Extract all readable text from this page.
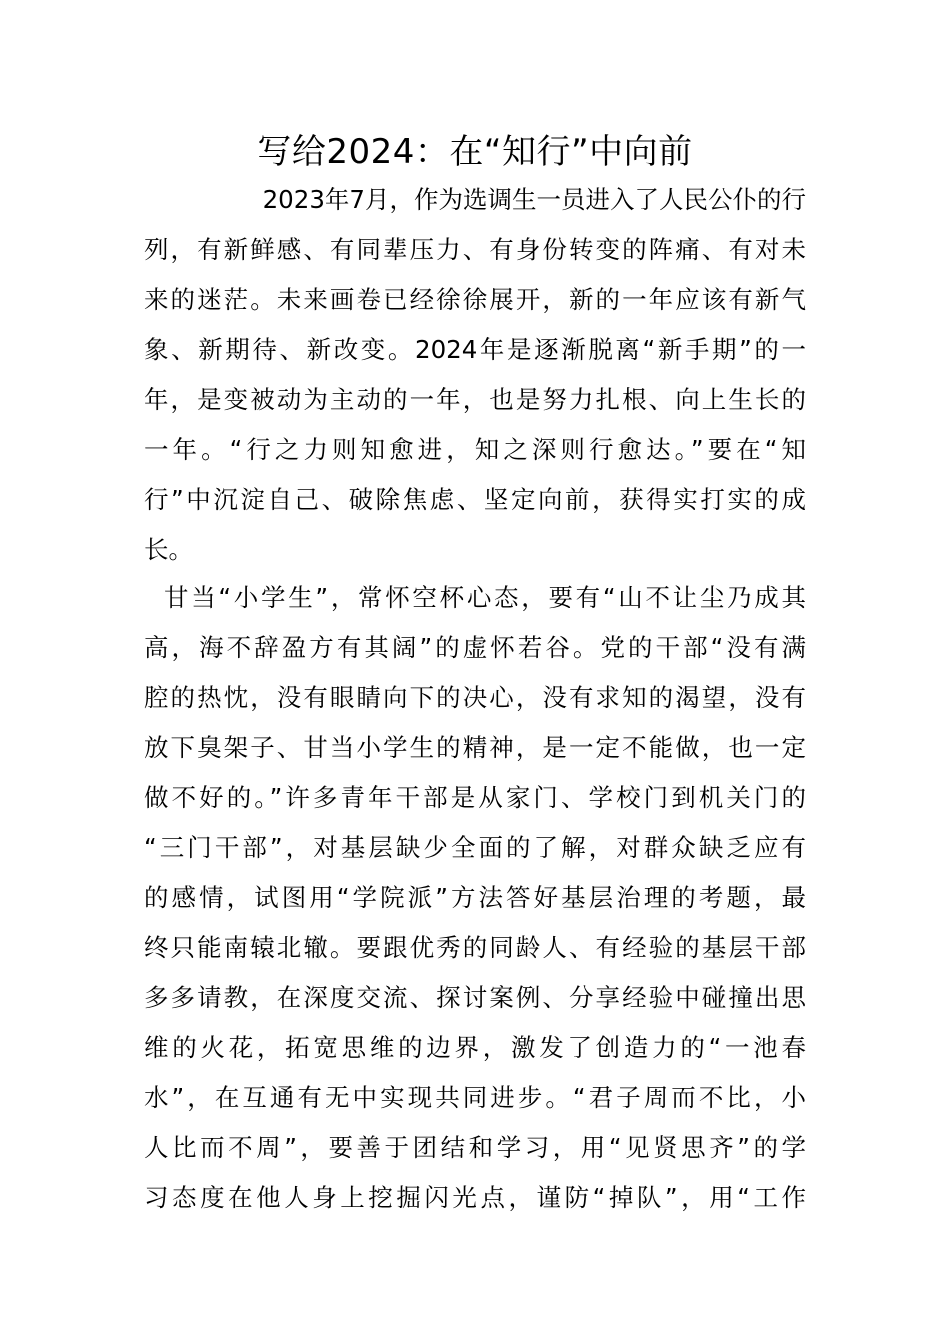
写给2024：在“知行”中向前
2023年7月，作为选调生一员进入了人民公仆的行
列，有新鲜感、有同辈压力、有身份转变的阵痛、有对未
来的迷茫。未来画卷已经徐徐展开，新的一年应该有新气
象、新期待、新改变。2024年是逐渐脱离“新手期”的一
年，是变被动为主动的一年，也是努力扎根、向上生长的
一年。“行之力则知愈进，知之深则行愈达。”要在“知
行”中沉淀自己、破除焦虑、坚定向前，获得实打实的成
长。
甘当“小学生”，常怀空杯心态，要有“山不让尘乃成其
高，海不辞盈方有其阔”的虚怀若谷。党的干部“没有满
腔的热忱，没有眼睛向下的决心，没有求知的渴望，没有
放下臭架子、甘当小学生的精神，是一定不能做，也一定
做不好的。”许多青年干部是从家门、学校门到机关门的
“三门干部”，对基层缺少全面的了解，对群众缺乏应有
的感情，试图用“学院派”方法答好基层治理的考题，最
终只能南辕北辙。要跟优秀的同龄人、有经验的基层干部
多多请教，在深度交流、探讨案例、分享经验中碰撞出思
维的火花，拓宽思维的边界，激发了创造力的“一池春
水”，在互通有无中实现共同进步。“君子周而不比，小
人比而不周”，要善于团结和学习，用“见贤思齐”的学
习态度在他人身上挖掘闪光点，谨防“掉队”，用“工作
